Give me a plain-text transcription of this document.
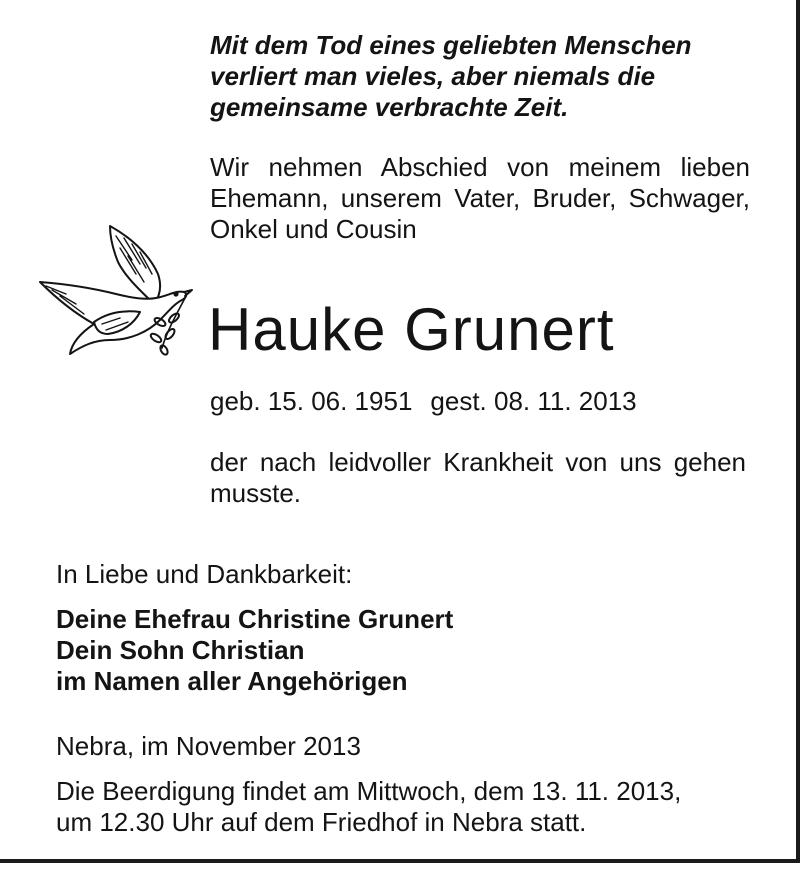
Mit dem Tod eines geliebten Menschen
verliert man vieles, aber niemals die
gemeinsame verbrachte Zeit.

Wir nehmen Abschied von meinem lieben Ehemann, unserem Vater, Bruder, Schwager, Onkel und Cousin

Hauke Grunert
geb. 15. 06. 1951 gest. 08. 11. 2013

der nach leidvoller Krankheit von uns gehen musste.

In Liebe und Dankbarkeit:
Deine Ehefrau Christine Grunert
Dein Sohn Christian
im Namen aller Angehörigen
Nebra, im November 2013
Die Beerdigung findet am Mittwoch, dem 13. 11. 2013,
um 12.30 Uhr auf dem Friedhof in Nebra statt.
